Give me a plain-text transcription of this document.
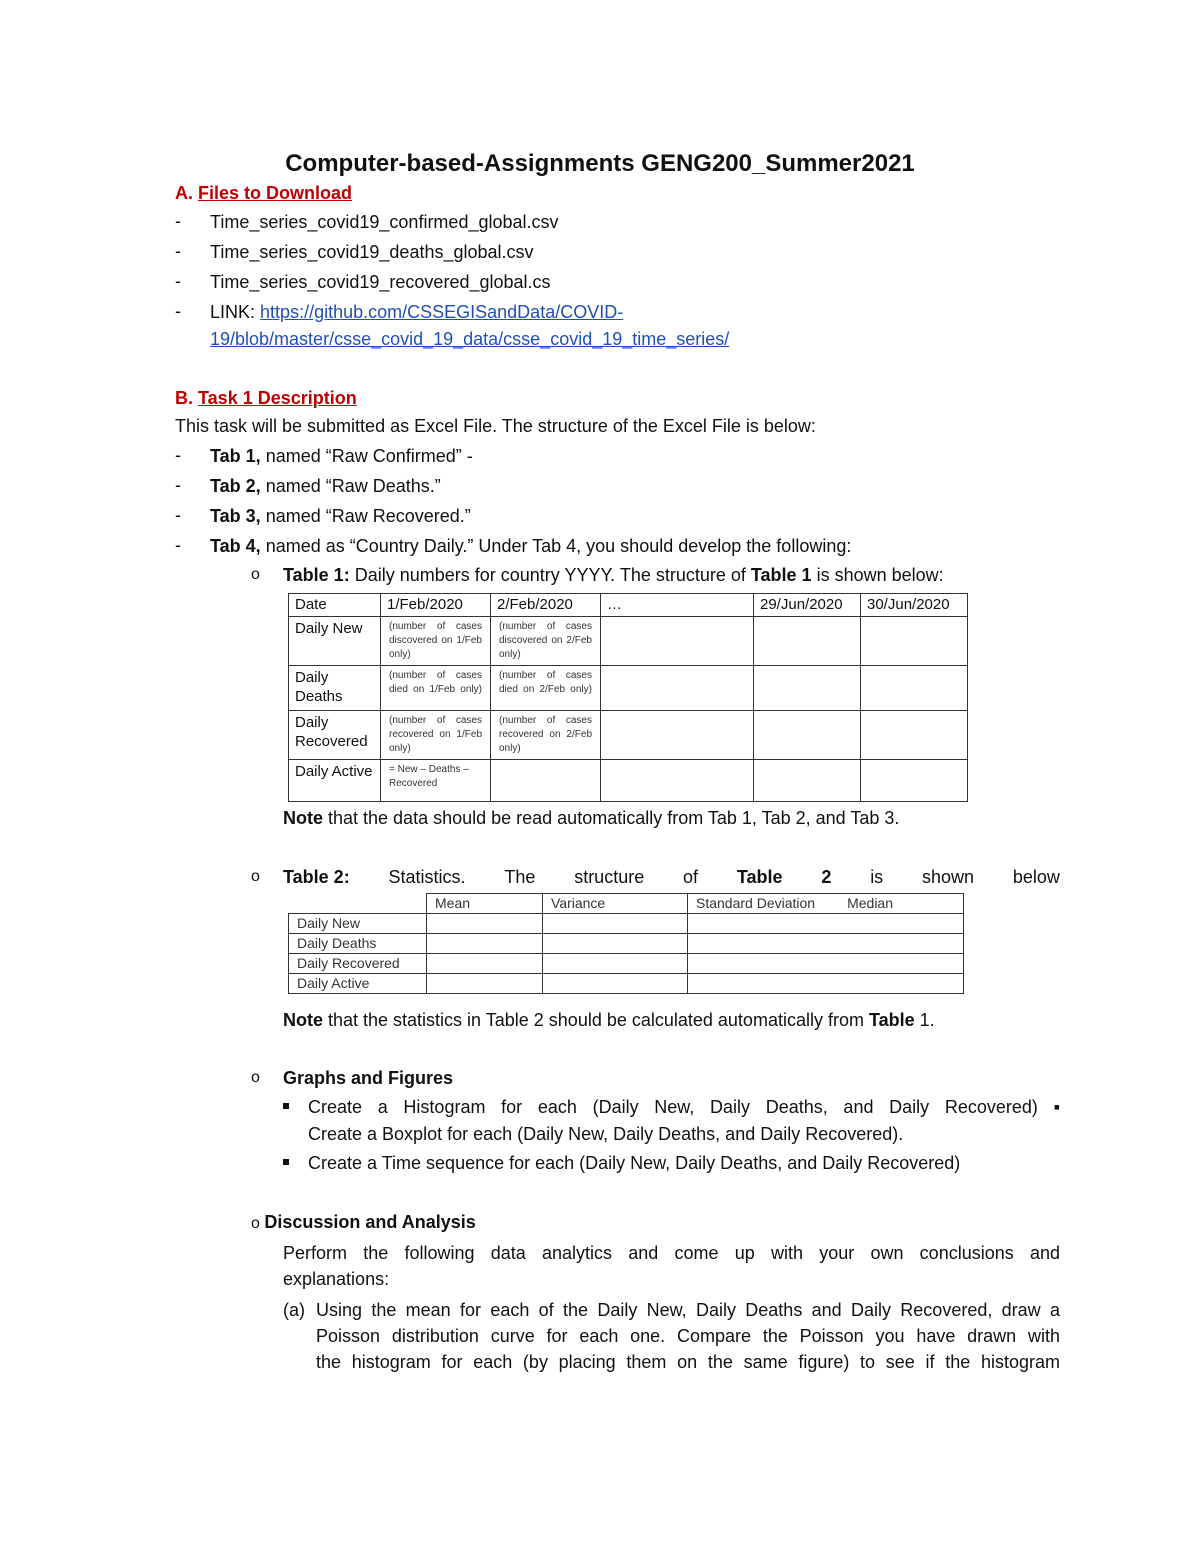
Computer-based-Assignments GENG200_Summer2021
A. Files to Download
- Time_series_covid19_confirmed_global.csv
- Time_series_covid19_deaths_global.csv
- Time_series_covid19_recovered_global.cs
- LINK: https://github.com/CSSEGISandData/COVID-
19/blob/master/csse_covid_19_data/csse_covid_19_time_series/
B. Task 1 Description
This task will be submitted as Excel File. The structure of the Excel File is below:
- Tab 1, named “Raw Confirmed” -
- Tab 2, named “Raw Deaths.”
- Tab 3, named “Raw Recovered.”
- Tab 4, named as “Country Daily.” Under Tab 4, you should develop the following:
o Table 1: Daily numbers for country YYYY. The structure of Table 1 is shown below:
Date	1/Feb/2020	2/Feb/2020	…	29/Jun/2020	30/Jun/2020
Daily New	(number of cases discovered on 1/Feb only)	(number of cases discovered on 2/Feb only)			
Daily Deaths	(number of cases died on 1/Feb only)	(number of cases died on 2/Feb only)			
Daily Recovered	(number of cases recovered on 1/Feb only)	(number of cases recovered on 2/Feb only)			
Daily Active	= New – Deaths – Recovered				
Note that the data should be read automatically from Tab 1, Tab 2, and Tab 3.
o Table 2: Statistics. The structure of Table 2 is shown below
	Mean	Variance	Standard Deviation Median
Daily New			
Daily Deaths			
Daily Recovered			
Daily Active			
Note that the statistics in Table 2 should be calculated automatically from Table 1.
o Graphs and Figures
Create a Histogram for each (Daily New, Daily Deaths, and Daily Recovered) ▪
Create a Boxplot for each (Daily New, Daily Deaths, and Daily Recovered).
Create a Time sequence for each (Daily New, Daily Deaths, and Daily Recovered)
o Discussion and Analysis
Perform the following data analytics and come up with your own conclusions and
explanations:
(a) Using the mean for each of the Daily New, Daily Deaths and Daily Recovered, draw a
Poisson distribution curve for each one. Compare the Poisson you have drawn with
the histogram for each (by placing them on the same figure) to see if the histogram
